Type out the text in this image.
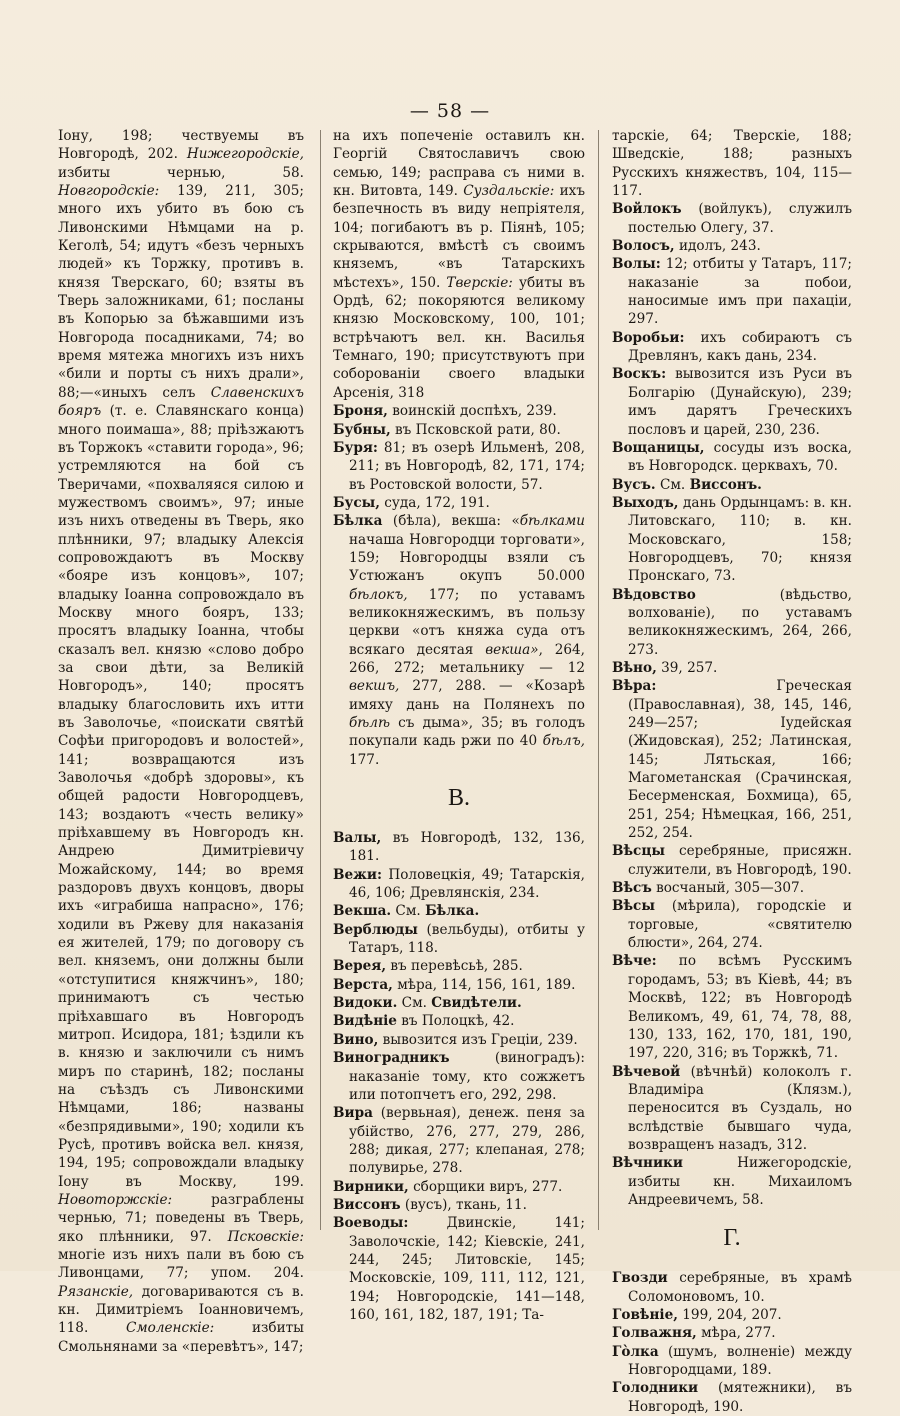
— 58 —

Іону, 198; чествуемы въ Новгородѣ, 202. Нижегородскіе, избиты чернью, 58. Новгородскіе: 139, 211, 305; много ихъ убито въ бою съ Ливонскими Нѣмцами на р. Кеголѣ, 54; идутъ «безъ черныхъ людей» къ Торжку, противъ в. князя Тверскаго, 60; взяты въ Тверь заложниками, 61; посланы въ Копорью за бѣжавшими изъ Новгорода посадниками, 74; во время мятежа многихъ изъ нихъ «били и порты съ нихъ драли», 88;—«иныхъ селъ Славенскихъ бояръ (т. е. Славянскаго конца) много поимаша», 88; пріѣзжаютъ въ Торжокъ «ставити города», 96; устремляются на бой съ Тверичами, «похваляяся силою и мужествомъ своимъ», 97; иные изъ нихъ отведены въ Тверь, яко плѣнники, 97; владыку Алексія сопровождаютъ въ Москву «бояре изъ концовъ», 107; владыку Іоанна сопровождало въ Москву много бояръ, 133; просятъ владыку Іоанна, чтобы сказалъ вел. князю «слово добро за свои дѣти, за Великій Новгородъ», 140; просятъ владыку благословить ихъ итти въ Заволочье, «поискати святѣй Софѣи пригородовъ и волостей», 141; возвращаются изъ Заволочья «добрѣ здоровы», къ общей радости Новгородцевъ, 143; воздаютъ «честь велику» пріѣхавшему въ Новгородъ кн. Андрею Димитріевичу Можайскому, 144; во время раздоровъ двухъ концовъ, дворы ихъ «играбиша напрасно», 176; ходили въ Ржеву для наказанія ея жителей, 179; по договору съ вел. княземъ, они должны были «отступитися княжчинъ», 180; принимаютъ съ честью пріѣхавшаго въ Новгородъ митроп. Исидора, 181; ѣздили къ в. князю и заключили съ нимъ миръ по старинѣ, 182; посланы на съѣздъ съ Ливонскими Нѣмцами, 186; названы «безпрядивыми», 190; ходили къ Русѣ, противъ войска вел. князя, 194, 195; сопровождали владыку Іону въ Москву, 199. Новоторжскіе: разграблены чернью, 71; поведены въ Тверь, яко плѣнники, 97. Псковскіе: многіе изъ нихъ пали въ бою съ Ливонцами, 77; упом. 204. Рязанскіе, договариваются съ в. кн. Димитріемъ Іоанновичемъ, 118. Смоленскіе: избиты Смольнянами за «перевѣтъ», 147;

на ихъ попеченіе оставилъ кн. Георгій Святославичъ свою семью, 149; расправа съ ними в. кн. Витовта, 149. Суздальскіе: ихъ безпечность въ виду непріятеля, 104; погибаютъ въ р. Піянѣ, 105; скрываются, вмѣстѣ съ своимъ княземъ, «въ Татарскихъ мѣстехъ», 150. Тверскіе: убиты въ Ордѣ, 62; покоряются великому князю Московскому, 100, 101; встрѣчаютъ вел. кн. Василья Темнаго, 190; присутствуютъ при соборованіи своего владыки Арсенія, 318

Броня, воинскій доспѣхъ, 239.

Бубны, въ Псковской рати, 80.

Буря: 81; въ озерѣ Ильменѣ, 208, 211; въ Новгородѣ, 82, 171, 174; въ Ростовской волости, 57.

Бусы, суда, 172, 191.

Бѣлка (бѣла), векша: «бѣлками начаша Новгородци торговати», 159; Новгородцы взяли съ Устюжанъ окупъ 50.000 бѣлокъ, 177; по уставамъ великокняжескимъ, въ пользу церкви «отъ княжа суда отъ всякаго десятая векша», 264, 266, 272; метальнику — 12 векшъ, 277, 288. — «Козарѣ имяху дань на Полянехъ по бѣлѣ съ дыма», 35; въ голодъ покупали кадь ржи по 40 бѣлъ, 177.

В.

Валы, въ Новгородѣ, 132, 136, 181.

Вежи: Половецкія, 49; Татарскія, 46, 106; Древлянскія, 234.

Векша. См. Бѣлка.

Верблюды (вельбуды), отбиты у Татаръ, 118.

Верея, въ перевѣсьѣ, 285.

Верста, мѣра, 114, 156, 161, 189.

Видоки. См. Свидѣтели.

Видѣніе въ Полоцкѣ, 42.

Вино, вывозится изъ Греціи, 239.

Виноградникъ (виноградъ): наказаніе тому, кто сожжетъ или потопчетъ его, 292, 298.

Вира (вервьная), денеж. пеня за убійство, 276, 277, 279, 286, 288; дикая, 277; клепаная, 278; полувирье, 278.

Вирники, сборщики виръ, 277.

Виссонъ (вусъ), ткань, 11.

Воеводы: Двинскіе, 141; Заволочскіе, 142; Кіевскіе, 241, 244, 245; Литовскіе, 145; Московскіе, 109, 111, 112, 121, 194; Новгородскіе, 141—148, 160, 161, 182, 187, 191; Та-

тарскіе, 64; Тверскіе, 188; Шведскіе, 188; разныхъ Русскихъ княжествъ, 104, 115—117.

Войлокъ (войлукъ), служилъ постелью Олегу, 37.

Волосъ, идолъ, 243.

Волы: 12; отбиты у Татаръ, 117; наказаніе за побои, наносимые имъ при пахаціи, 297.

Воробьи: ихъ собираютъ съ Древлянъ, какъ дань, 234.

Воскъ: вывозится изъ Руси въ Болгарію (Дунайскую), 239; имъ дарятъ Греческихъ пословъ и царей, 230, 236.

Вощаницы, сосуды изъ воска, въ Новгородск. церквахъ, 70.

Вусъ. См. Виссонъ.

Выходъ, дань Ордынцамъ: в. кн. Литовскаго, 110; в. кн. Московскаго, 158; Новгородцевъ, 70; князя Пронскаго, 73.

Вѣдовство (вѣдьство, волхованіе), по уставамъ великокняжескимъ, 264, 266, 273.

Вѣно, 39, 257.

Вѣра: Греческая (Православная), 38, 145, 146, 249—257; Іудейская (Жидовская), 252; Латинская, 145; Лятьская, 166; Магометанская (Срачинская, Бесерменская, Бохмица), 65, 251, 254; Нѣмецкая, 166, 251, 252, 254.

Вѣсцы серебряные, присяжн. служители, въ Новгородѣ, 190.

Вѣсъ восчаный, 305—307.

Вѣсы (мѣрила), городскіе и торговые, «святителю блюсти», 264, 274.

Вѣче: по всѣмъ Русскимъ городамъ, 53; въ Кіевѣ, 44; въ Москвѣ, 122; въ Новгородѣ Великомъ, 49, 61, 74, 78, 88, 130, 133, 162, 170, 181, 190, 197, 220, 316; въ Торжкѣ, 71.

Вѣчевой (вѣчнѣй) колоколъ г. Владиміра (Клязм.), переносится въ Суздаль, но вслѣдствіе бывшаго чуда, возвращенъ назадъ, 312.

Вѣчники Нижегородскіе, избиты кн. Михаиломъ Андреевичемъ, 58.

Г.

Гвозди серебряные, въ храмѣ Соломоновомъ, 10.

Говѣніе, 199, 204, 207.

Голважня, мѣра, 277.

Гòлка (шумъ, волненіе) между Новгородцами, 189.

Голодники (мятежники), въ Новгородѣ, 190.
